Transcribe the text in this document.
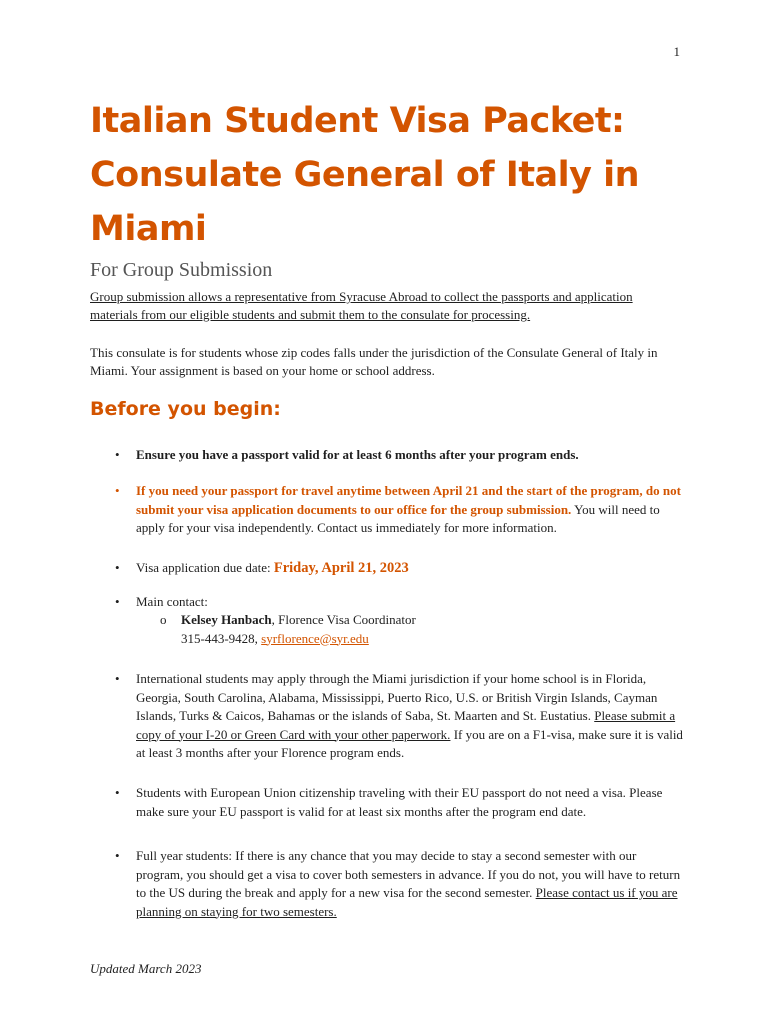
1
Italian Student Visa Packet: Consulate General of Italy in Miami
For Group Submission

Group submission allows a representative from Syracuse Abroad to collect the passports and application materials from our eligible students and submit them to the consulate for processing.

This consulate is for students whose zip codes falls under the jurisdiction of the Consulate General of Italy in Miami. Your assignment is based on your home or school address.

Before you begin:
• Ensure you have a passport valid for at least 6 months after your program ends.
• If you need your passport for travel anytime between April 21 and the start of the program, do not submit your visa application documents to our office for the group submission. You will need to apply for your visa independently. Contact us immediately for more information.
• Visa application due date: Friday, April 21, 2023
• Main contact:
o Kelsey Hanbach, Florence Visa Coordinator
315-443-9428, syrflorence@syr.edu
• International students may apply through the Miami jurisdiction if your home school is in Florida, Georgia, South Carolina, Alabama, Mississippi, Puerto Rico, U.S. or British Virgin Islands, Cayman Islands, Turks & Caicos, Bahamas or the islands of Saba, St. Maarten and St. Eustatius. Please submit a copy of your I-20 or Green Card with your other paperwork. If you are on a F1-visa, make sure it is valid at least 3 months after your Florence program ends.
• Students with European Union citizenship traveling with their EU passport do not need a visa. Please make sure your EU passport is valid for at least six months after the program end date.
• Full year students: If there is any chance that you may decide to stay a second semester with our program, you should get a visa to cover both semesters in advance. If you do not, you will have to return to the US during the break and apply for a new visa for the second semester. Please contact us if you are planning on staying for two semesters.
Updated March 2023
